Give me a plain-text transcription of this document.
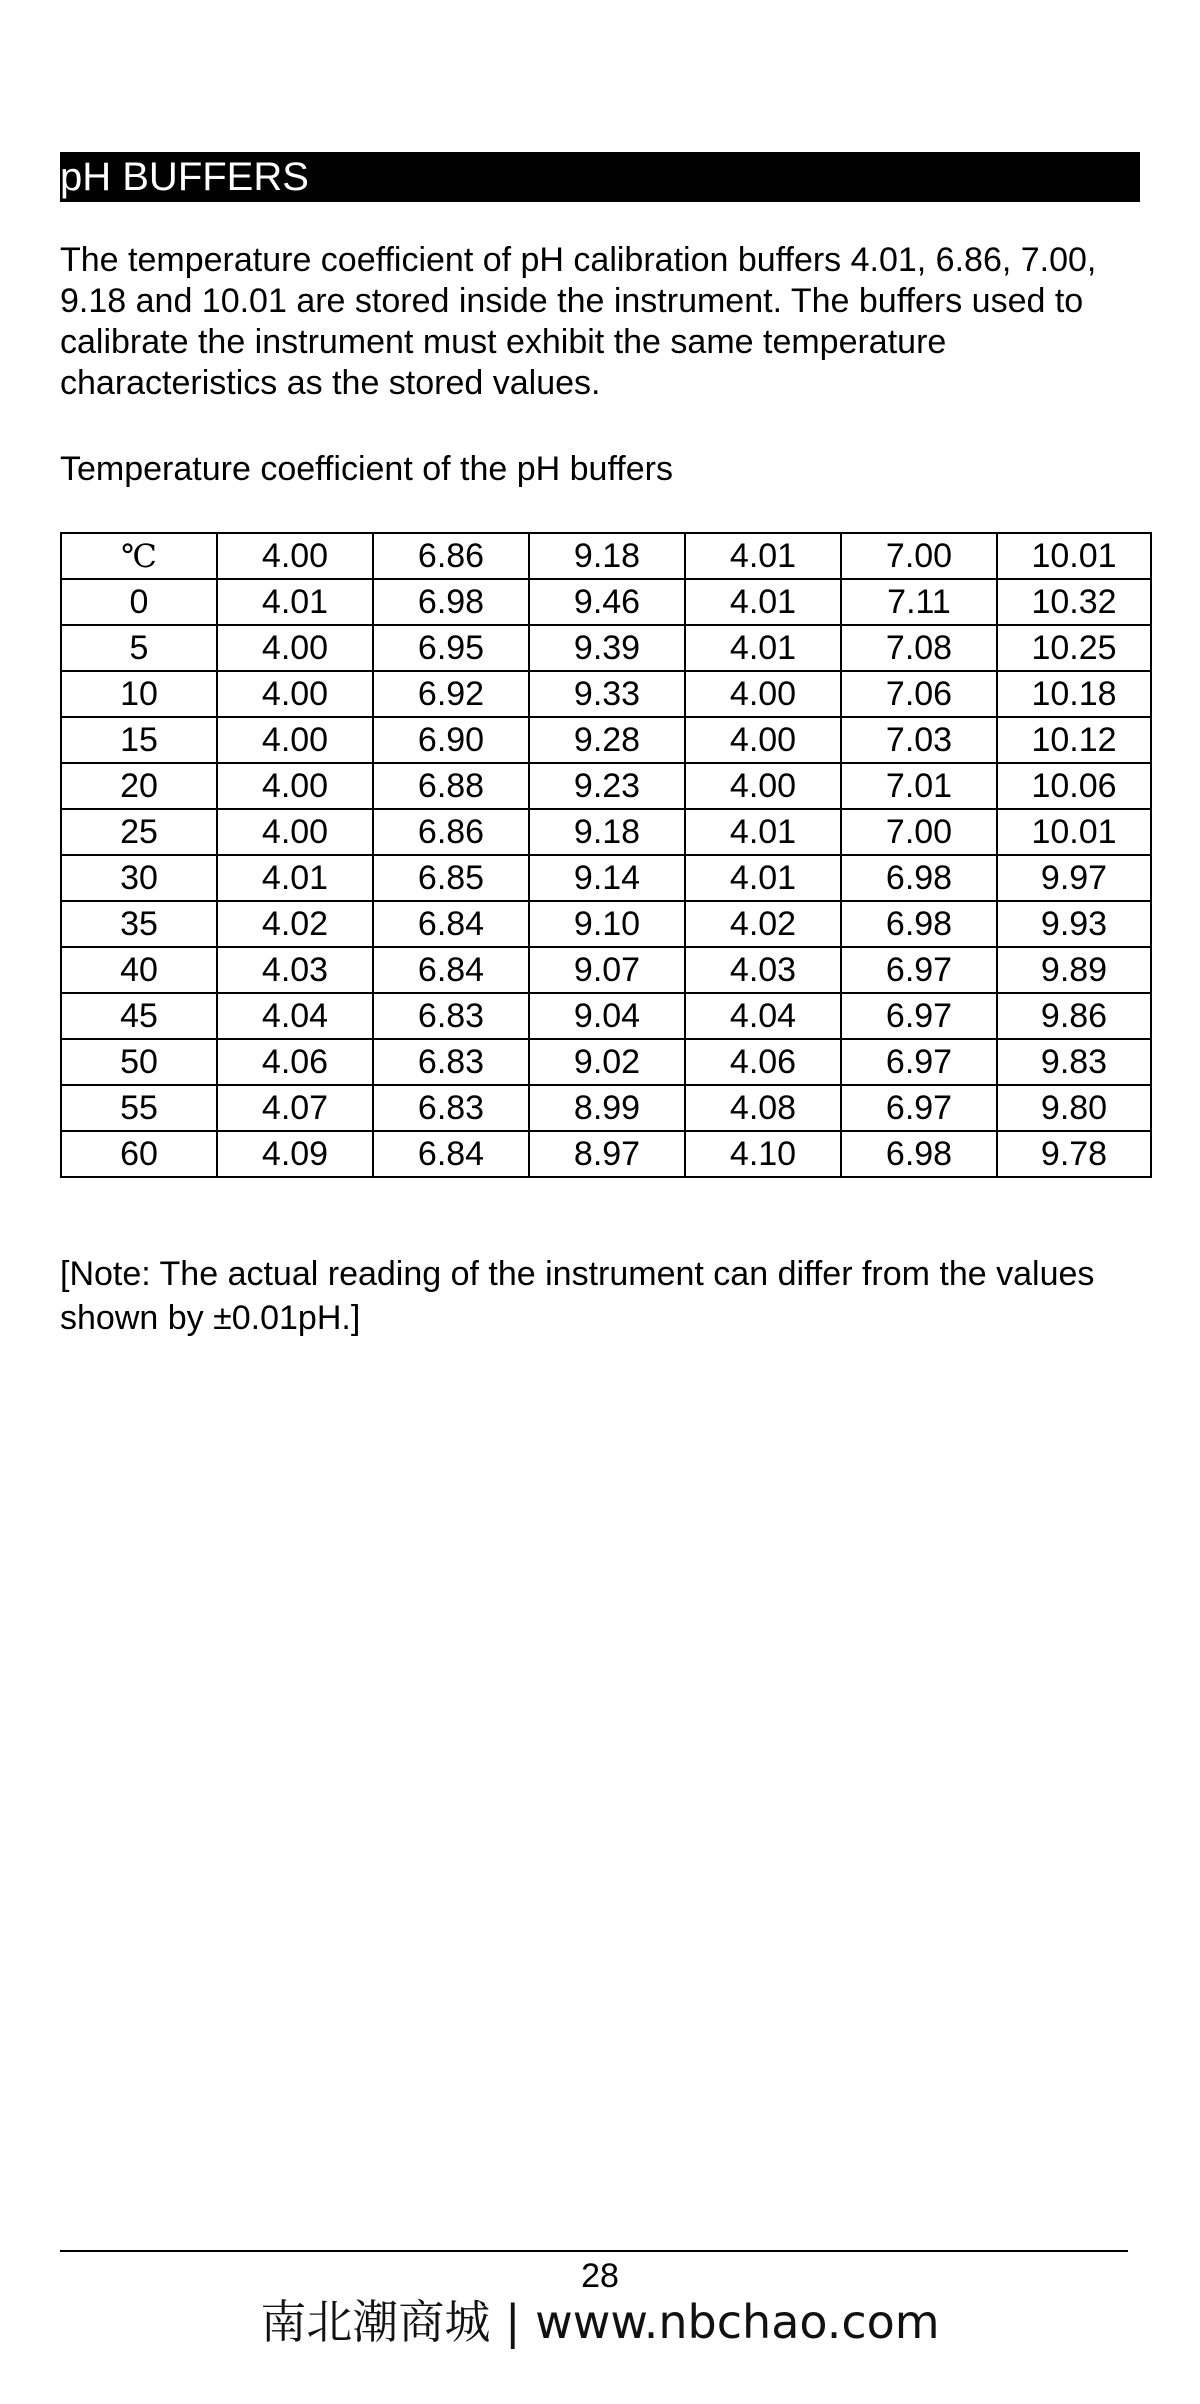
pH BUFFERS

The temperature coefficient of pH calibration buffers 4.01, 6.86, 7.00, 9.18 and 10.01 are stored inside the instrument. The buffers used to calibrate the instrument must exhibit the same temperature characteristics as the stored values.

Temperature coefficient of the pH buffers

℃	4.00	6.86	9.18	4.01	7.00	10.01
0	4.01	6.98	9.46	4.01	7.11	10.32
5	4.00	6.95	9.39	4.01	7.08	10.25
10	4.00	6.92	9.33	4.00	7.06	10.18
15	4.00	6.90	9.28	4.00	7.03	10.12
20	4.00	6.88	9.23	4.00	7.01	10.06
25	4.00	6.86	9.18	4.01	7.00	10.01
30	4.01	6.85	9.14	4.01	6.98	9.97
35	4.02	6.84	9.10	4.02	6.98	9.93
40	4.03	6.84	9.07	4.03	6.97	9.89
45	4.04	6.83	9.04	4.04	6.97	9.86
50	4.06	6.83	9.02	4.06	6.97	9.83
55	4.07	6.83	8.99	4.08	6.97	9.80
60	4.09	6.84	8.97	4.10	6.98	9.78

[Note: The actual reading of the instrument can differ from the values shown by ±0.01pH.]

28
南北潮商城 | www.nbchao.com
